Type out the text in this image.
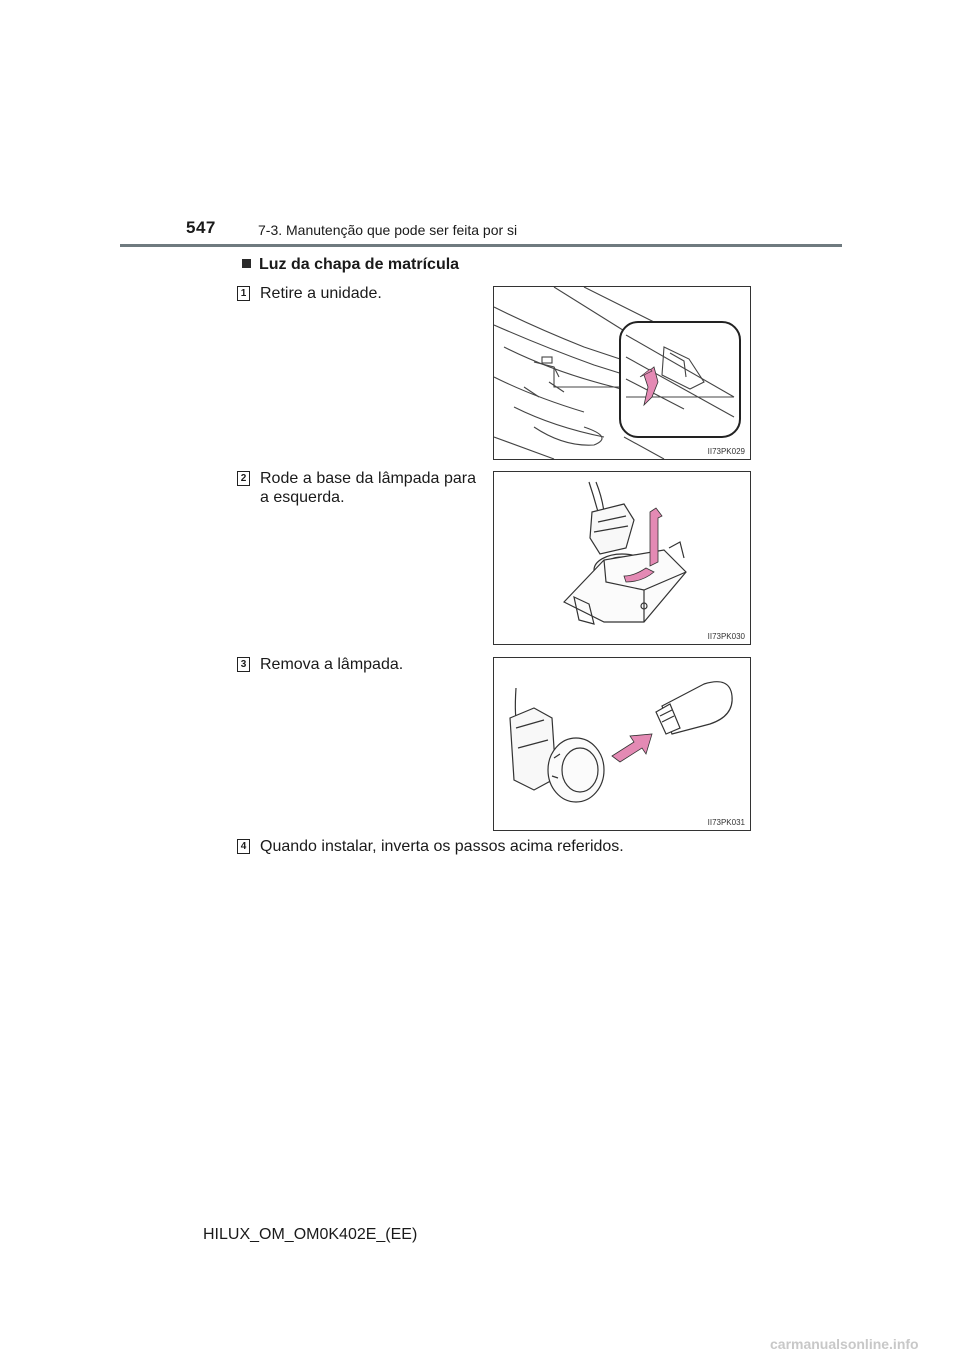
547	7-3. Manutenção que pode ser feita por si
Luz da chapa de matrícula
1 Retire a unidade.
II73PK029
2 Rode a base da lâmpada para a esquerda.
II73PK030
3 Remova a lâmpada.
II73PK031
4 Quando instalar, inverta os passos acima referidos.
HILUX_OM_OM0K402E_(EE)
carmanualsonline.info
